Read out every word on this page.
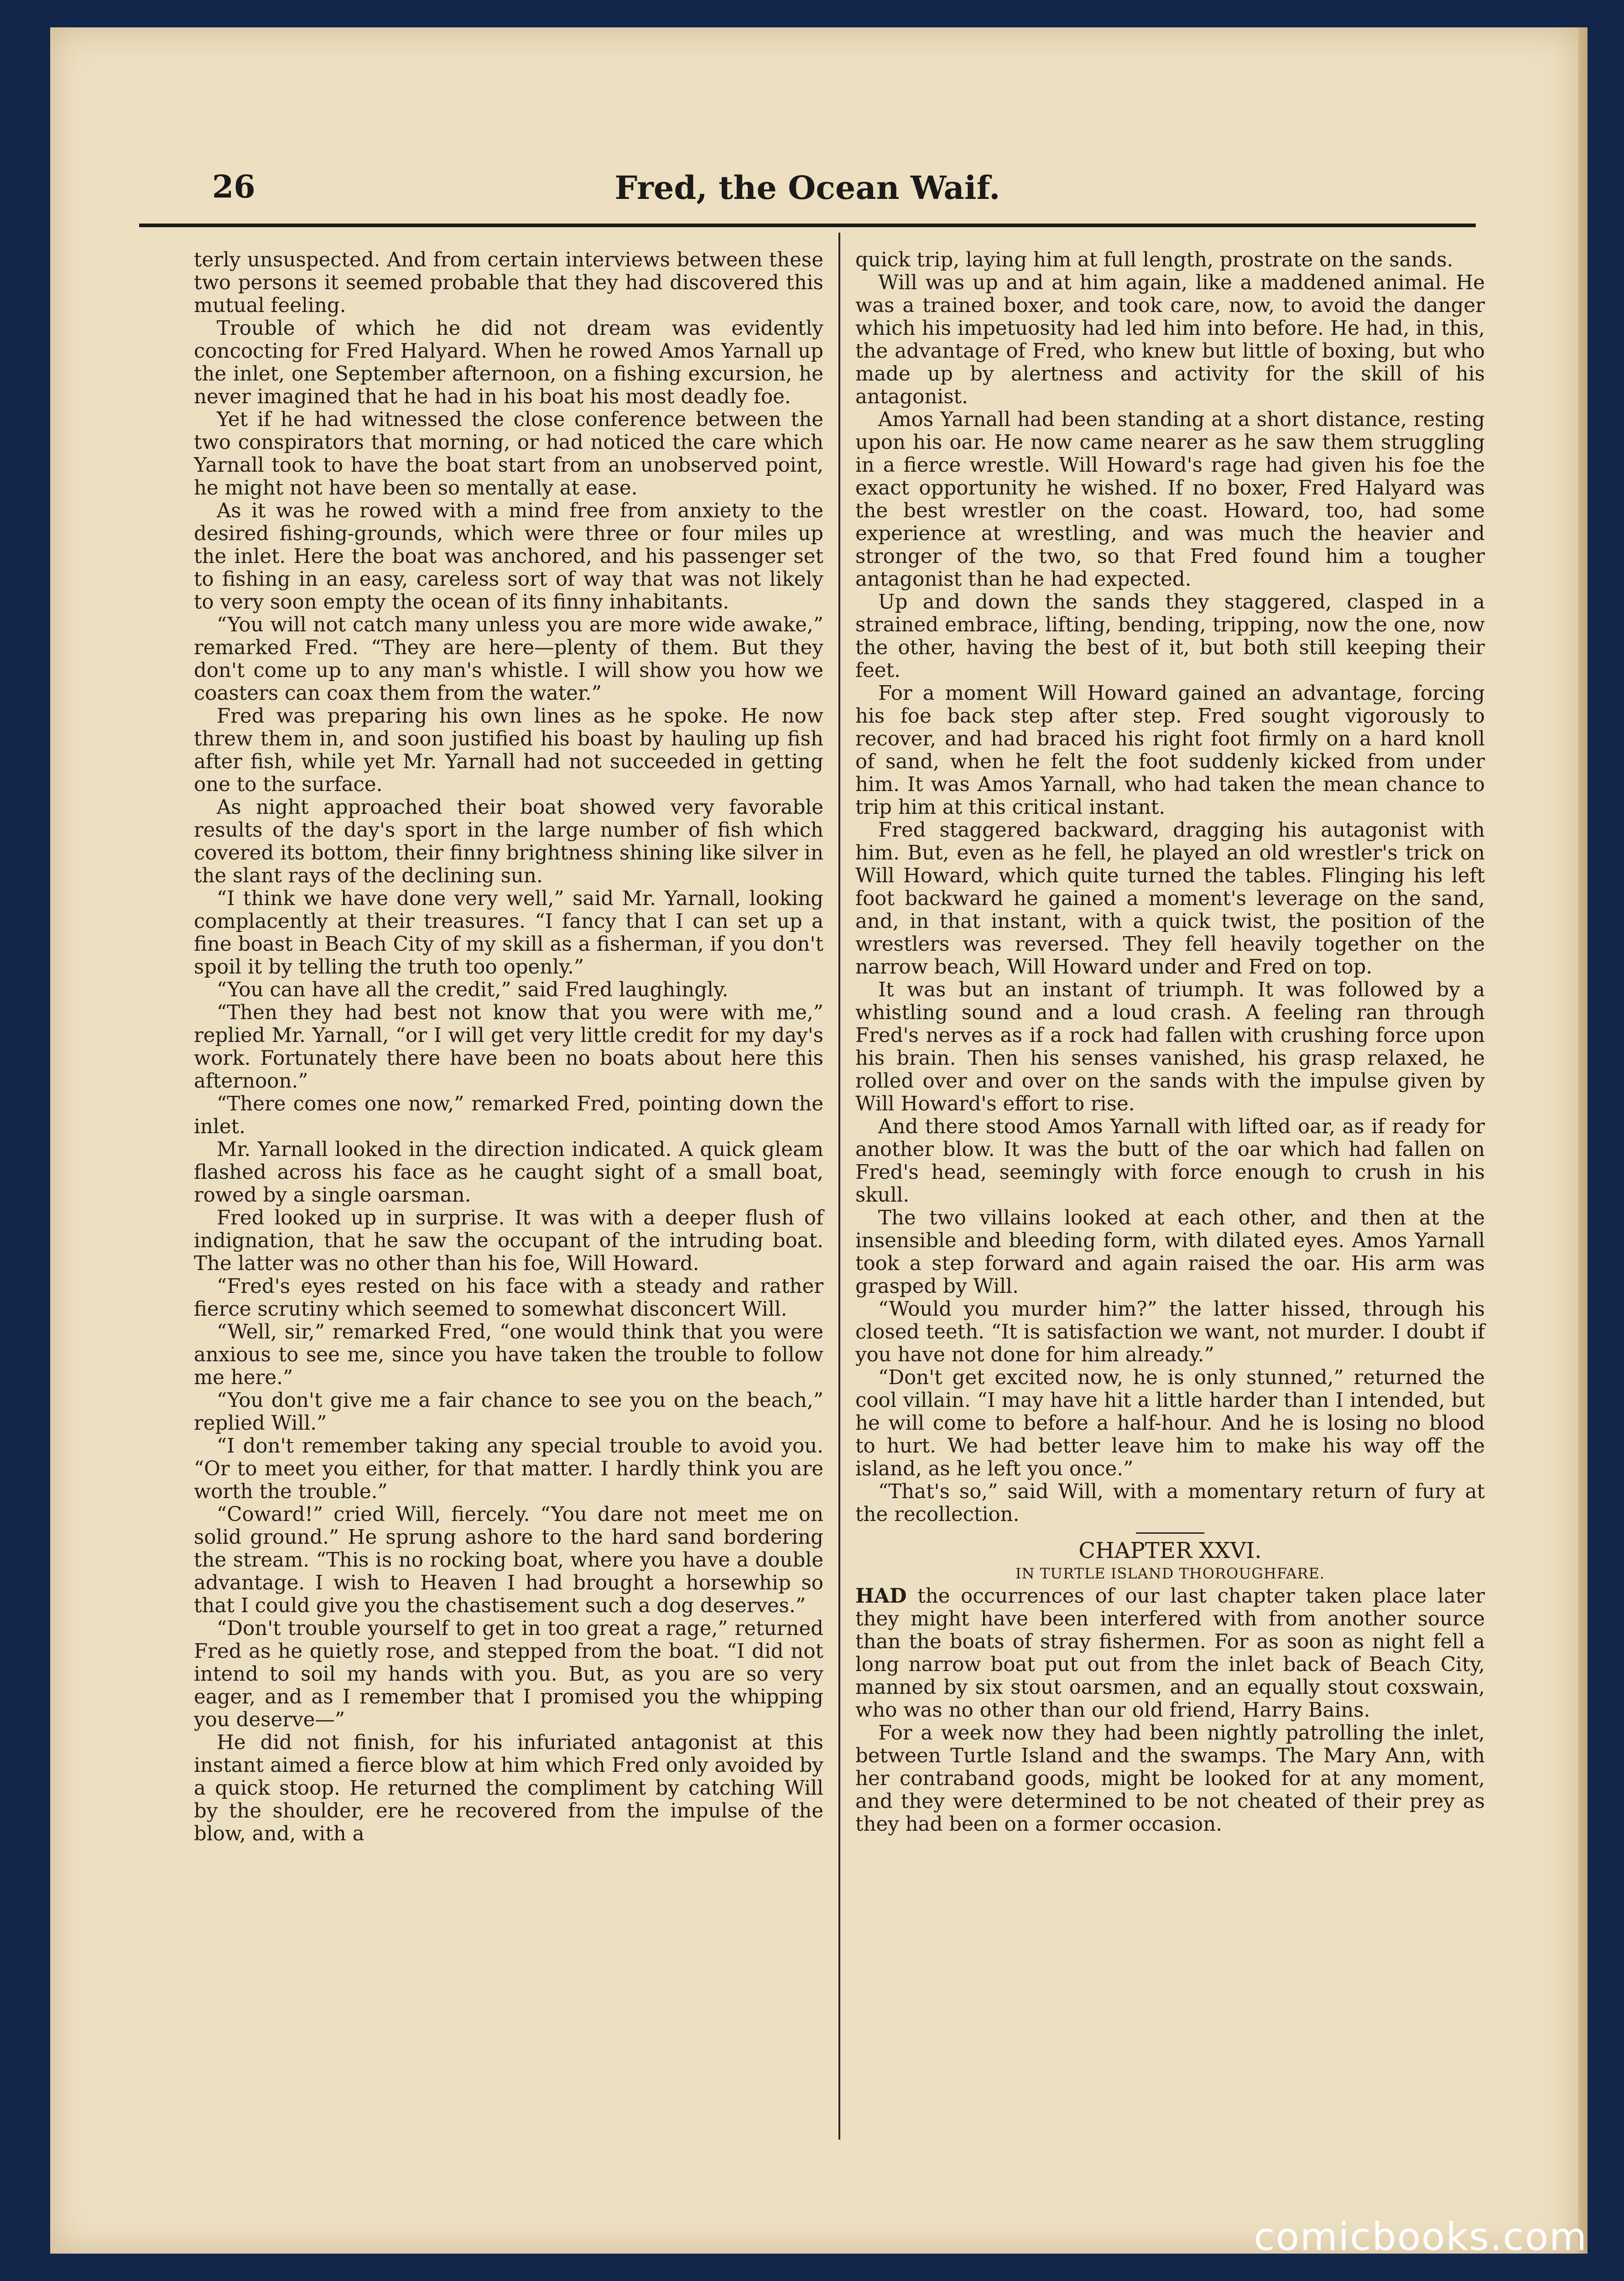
26	Fred, the Ocean Waif.

terly unsuspected. And from certain interviews between these two persons it seemed probable that they had discovered this mutual feeling.

Trouble of which he did not dream was evidently concocting for Fred Halyard. When he rowed Amos Yarnall up the inlet, one September afternoon, on a fishing excursion, he never imagined that he had in his boat his most deadly foe.

Yet if he had witnessed the close conference between the two conspirators that morning, or had noticed the care which Yarnall took to have the boat start from an unobserved point, he might not have been so mentally at ease.

As it was he rowed with a mind free from anxiety to the desired fishing-grounds, which were three or four miles up the inlet. Here the boat was anchored, and his passenger set to fishing in an easy, careless sort of way that was not likely to very soon empty the ocean of its finny inhabitants.

“You will not catch many unless you are more wide awake,” remarked Fred. “They are here—plenty of them. But they don't come up to any man's whistle. I will show you how we coasters can coax them from the water.”

Fred was preparing his own lines as he spoke. He now threw them in, and soon justified his boast by hauling up fish after fish, while yet Mr. Yarnall had not succeeded in getting one to the surface.

As night approached their boat showed very favorable results of the day's sport in the large number of fish which covered its bottom, their finny brightness shining like silver in the slant rays of the declining sun.

“I think we have done very well,” said Mr. Yarnall, looking complacently at their treasures. “I fancy that I can set up a fine boast in Beach City of my skill as a fisherman, if you don't spoil it by telling the truth too openly.”

“You can have all the credit,” said Fred laughingly.

“Then they had best not know that you were with me,” replied Mr. Yarnall, “or I will get very little credit for my day's work. Fortunately there have been no boats about here this afternoon.”

“There comes one now,” remarked Fred, pointing down the inlet.

Mr. Yarnall looked in the direction indicated. A quick gleam flashed across his face as he caught sight of a small boat, rowed by a single oarsman.

Fred looked up in surprise. It was with a deeper flush of indignation, that he saw the occupant of the intruding boat. The latter was no other than his foe, Will Howard.

“Fred's eyes rested on his face with a steady and rather fierce scrutiny which seemed to somewhat disconcert Will.

“Well, sir,” remarked Fred, “one would think that you were anxious to see me, since you have taken the trouble to follow me here.”

“You don't give me a fair chance to see you on the beach,” replied Will.”

“I don't remember taking any special trouble to avoid you. “Or to meet you either, for that matter. I hardly think you are worth the trouble.”

“Coward!” cried Will, fiercely. “You dare not meet me on solid ground.” He sprung ashore to the hard sand bordering the stream. “This is no rocking boat, where you have a double advantage. I wish to Heaven I had brought a horsewhip so that I could give you the chastisement such a dog deserves.”

“Don't trouble yourself to get in too great a rage,” returned Fred as he quietly rose, and stepped from the boat. “I did not intend to soil my hands with you. But, as you are so very eager, and as I remember that I promised you the whipping you deserve—”

He did not finish, for his infuriated antagonist at this instant aimed a fierce blow at him which Fred only avoided by a quick stoop. He returned the compliment by catching Will by the shoulder, ere he recovered from the impulse of the blow, and, with a

quick trip, laying him at full length, prostrate on the sands.

Will was up and at him again, like a maddened animal. He was a trained boxer, and took care, now, to avoid the danger which his impetuosity had led him into before. He had, in this, the advantage of Fred, who knew but little of boxing, but who made up by alertness and activity for the skill of his antagonist.

Amos Yarnall had been standing at a short distance, resting upon his oar. He now came nearer as he saw them struggling in a fierce wrestle. Will Howard's rage had given his foe the exact opportunity he wished. If no boxer, Fred Halyard was the best wrestler on the coast. Howard, too, had some experience at wrestling, and was much the heavier and stronger of the two, so that Fred found him a tougher antagonist than he had expected.

Up and down the sands they staggered, clasped in a strained embrace, lifting, bending, tripping, now the one, now the other, having the best of it, but both still keeping their feet.

For a moment Will Howard gained an advantage, forcing his foe back step after step. Fred sought vigorously to recover, and had braced his right foot firmly on a hard knoll of sand, when he felt the foot suddenly kicked from under him. It was Amos Yarnall, who had taken the mean chance to trip him at this critical instant.

Fred staggered backward, dragging his autagonist with him. But, even as he fell, he played an old wrestler's trick on Will Howard, which quite turned the tables. Flinging his left foot backward he gained a moment's leverage on the sand, and, in that instant, with a quick twist, the position of the wrestlers was reversed. They fell heavily together on the narrow beach, Will Howard under and Fred on top.

It was but an instant of triumph. It was followed by a whistling sound and a loud crash. A feeling ran through Fred's nerves as if a rock had fallen with crushing force upon his brain. Then his senses vanished, his grasp relaxed, he rolled over and over on the sands with the impulse given by Will Howard's effort to rise.

And there stood Amos Yarnall with lifted oar, as if ready for another blow. It was the butt of the oar which had fallen on Fred's head, seemingly with force enough to crush in his skull.

The two villains looked at each other, and then at the insensible and bleeding form, with dilated eyes. Amos Yarnall took a step forward and again raised the oar. His arm was grasped by Will.

“Would you murder him?” the latter hissed, through his closed teeth. “It is satisfaction we want, not murder. I doubt if you have not done for him already.”

“Don't get excited now, he is only stunned,” returned the cool villain. “I may have hit a little harder than I intended, but he will come to before a half-hour. And he is losing no blood to hurt. We had better leave him to make his way off the island, as he left you once.”

“That's so,” said Will, with a momentary return of fury at the recollection.

CHAPTER XXVI.

IN TURTLE ISLAND THOROUGHFARE.

HAD the occurrences of our last chapter taken place later they might have been interfered with from another source than the boats of stray fishermen. For as soon as night fell a long narrow boat put out from the inlet back of Beach City, manned by six stout oarsmen, and an equally stout coxswain, who was no other than our old friend, Harry Bains.

For a week now they had been nightly patrolling the inlet, between Turtle Island and the swamps. The Mary Ann, with her contraband goods, might be looked for at any moment, and they were determined to be not cheated of their prey as they had been on a former occasion.

comicbooks.com
